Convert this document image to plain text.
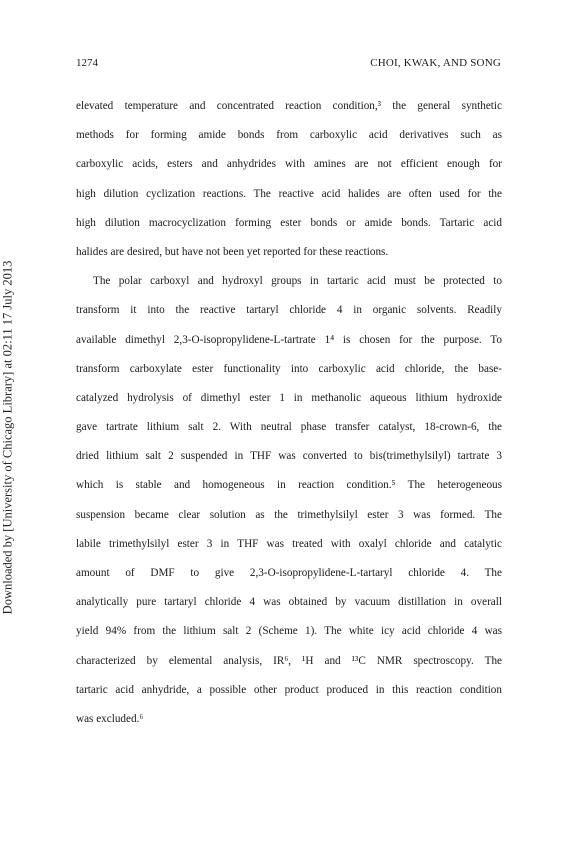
1274	CHOI, KWAK, AND SONG
Downloaded by [University of Chicago Library] at 02:11 17 July 2013
elevated temperature and concentrated reaction condition,³ the general synthetic
methods for forming amide bonds from carboxylic acid derivatives such as
carboxylic acids, esters and anhydrides with amines are not efficient enough for
high dilution cyclization reactions. The reactive acid halides are often used for the
high dilution macrocyclization forming ester bonds or amide bonds. Tartaric acid
halides are desired, but have not been yet reported for these reactions.
The polar carboxyl and hydroxyl groups in tartaric acid must be protected to
transform it into the reactive tartaryl chloride 4 in organic solvents. Readily
available dimethyl 2,3-O-isopropylidene-L-tartrate 1⁴ is chosen for the purpose. To
transform carboxylate ester functionality into carboxylic acid chloride, the base-
catalyzed hydrolysis of dimethyl ester 1 in methanolic aqueous lithium hydroxide
gave tartrate lithium salt 2. With neutral phase transfer catalyst, 18-crown-6, the
dried lithium salt 2 suspended in THF was converted to bis(trimethylsilyl) tartrate 3
which is stable and homogeneous in reaction condition.⁵ The heterogeneous
suspension became clear solution as the trimethylsilyl ester 3 was formed. The
labile trimethylsilyl ester 3 in THF was treated with oxalyl chloride and catalytic
amount of DMF to give 2,3-O-isopropylidene-L-tartaryl chloride 4. The
analytically pure tartaryl chloride 4 was obtained by vacuum distillation in overall
yield 94% from the lithium salt 2 (Scheme 1). The white icy acid chloride 4 was
characterized by elemental analysis, IR⁶, ¹H and ¹³C NMR spectroscopy. The
tartaric acid anhydride, a possible other product produced in this reaction condition
was excluded.⁶
